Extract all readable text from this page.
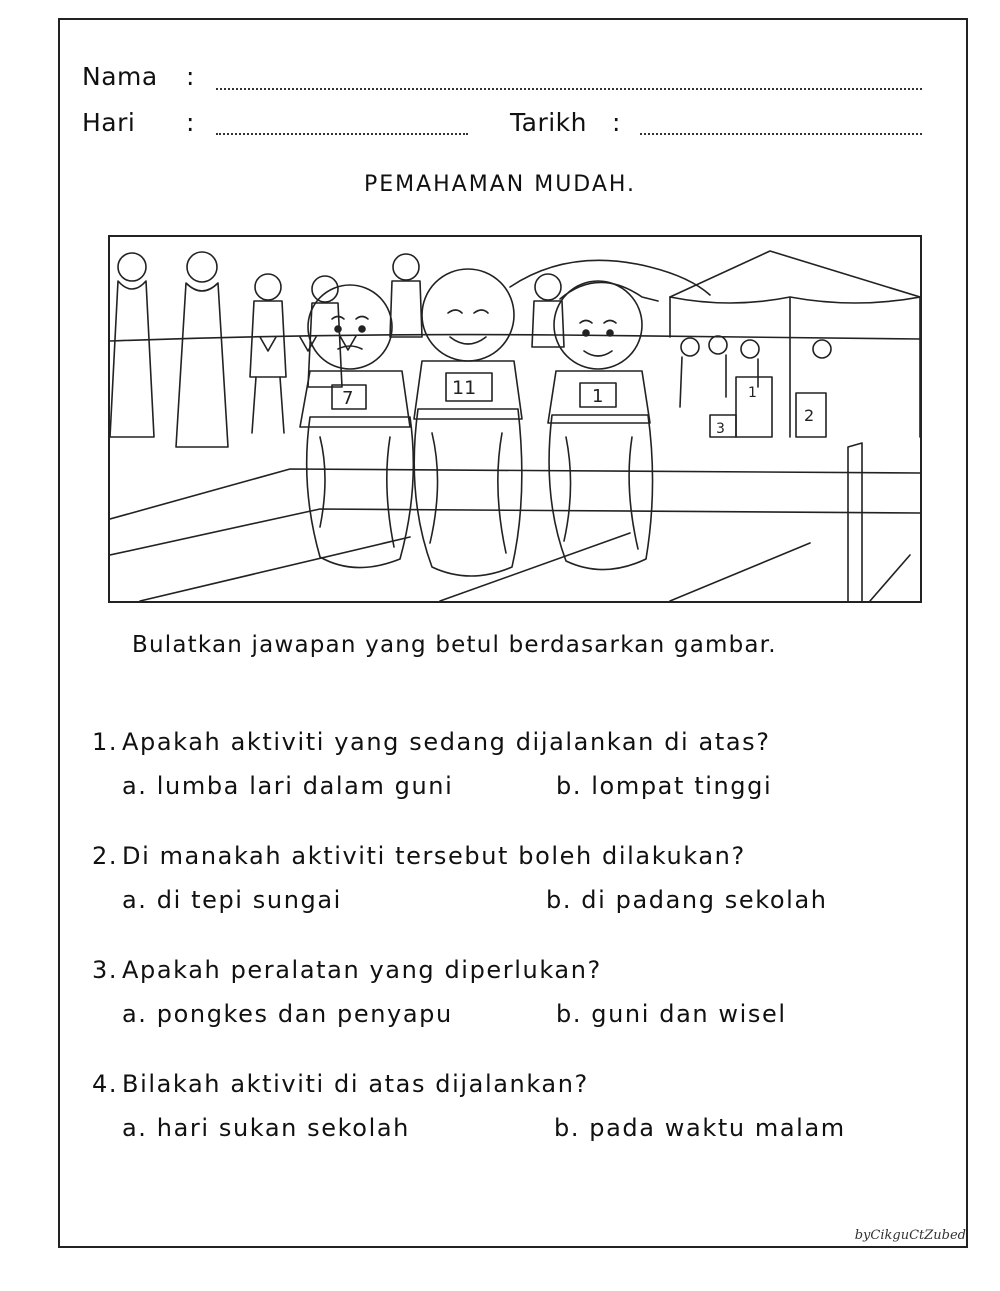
Nama :
Hari :	Tarikh :
PEMAHAMAN MUDAH.
7	11	1
3
1
2
Bulatkan jawapan yang betul berdasarkan gambar.
1. Apakah aktiviti yang sedang dijalankan di atas?
a. lumba lari dalam guni	b. lompat tinggi
2. Di manakah aktiviti tersebut boleh dilakukan?
a. di tepi sungai	b. di padang sekolah
3. Apakah peralatan yang diperlukan?
a. pongkes dan penyapu	b. guni dan wisel
4. Bilakah aktiviti di atas dijalankan?
a. hari sukan sekolah	b. pada waktu malam
byCikguCtZubed
